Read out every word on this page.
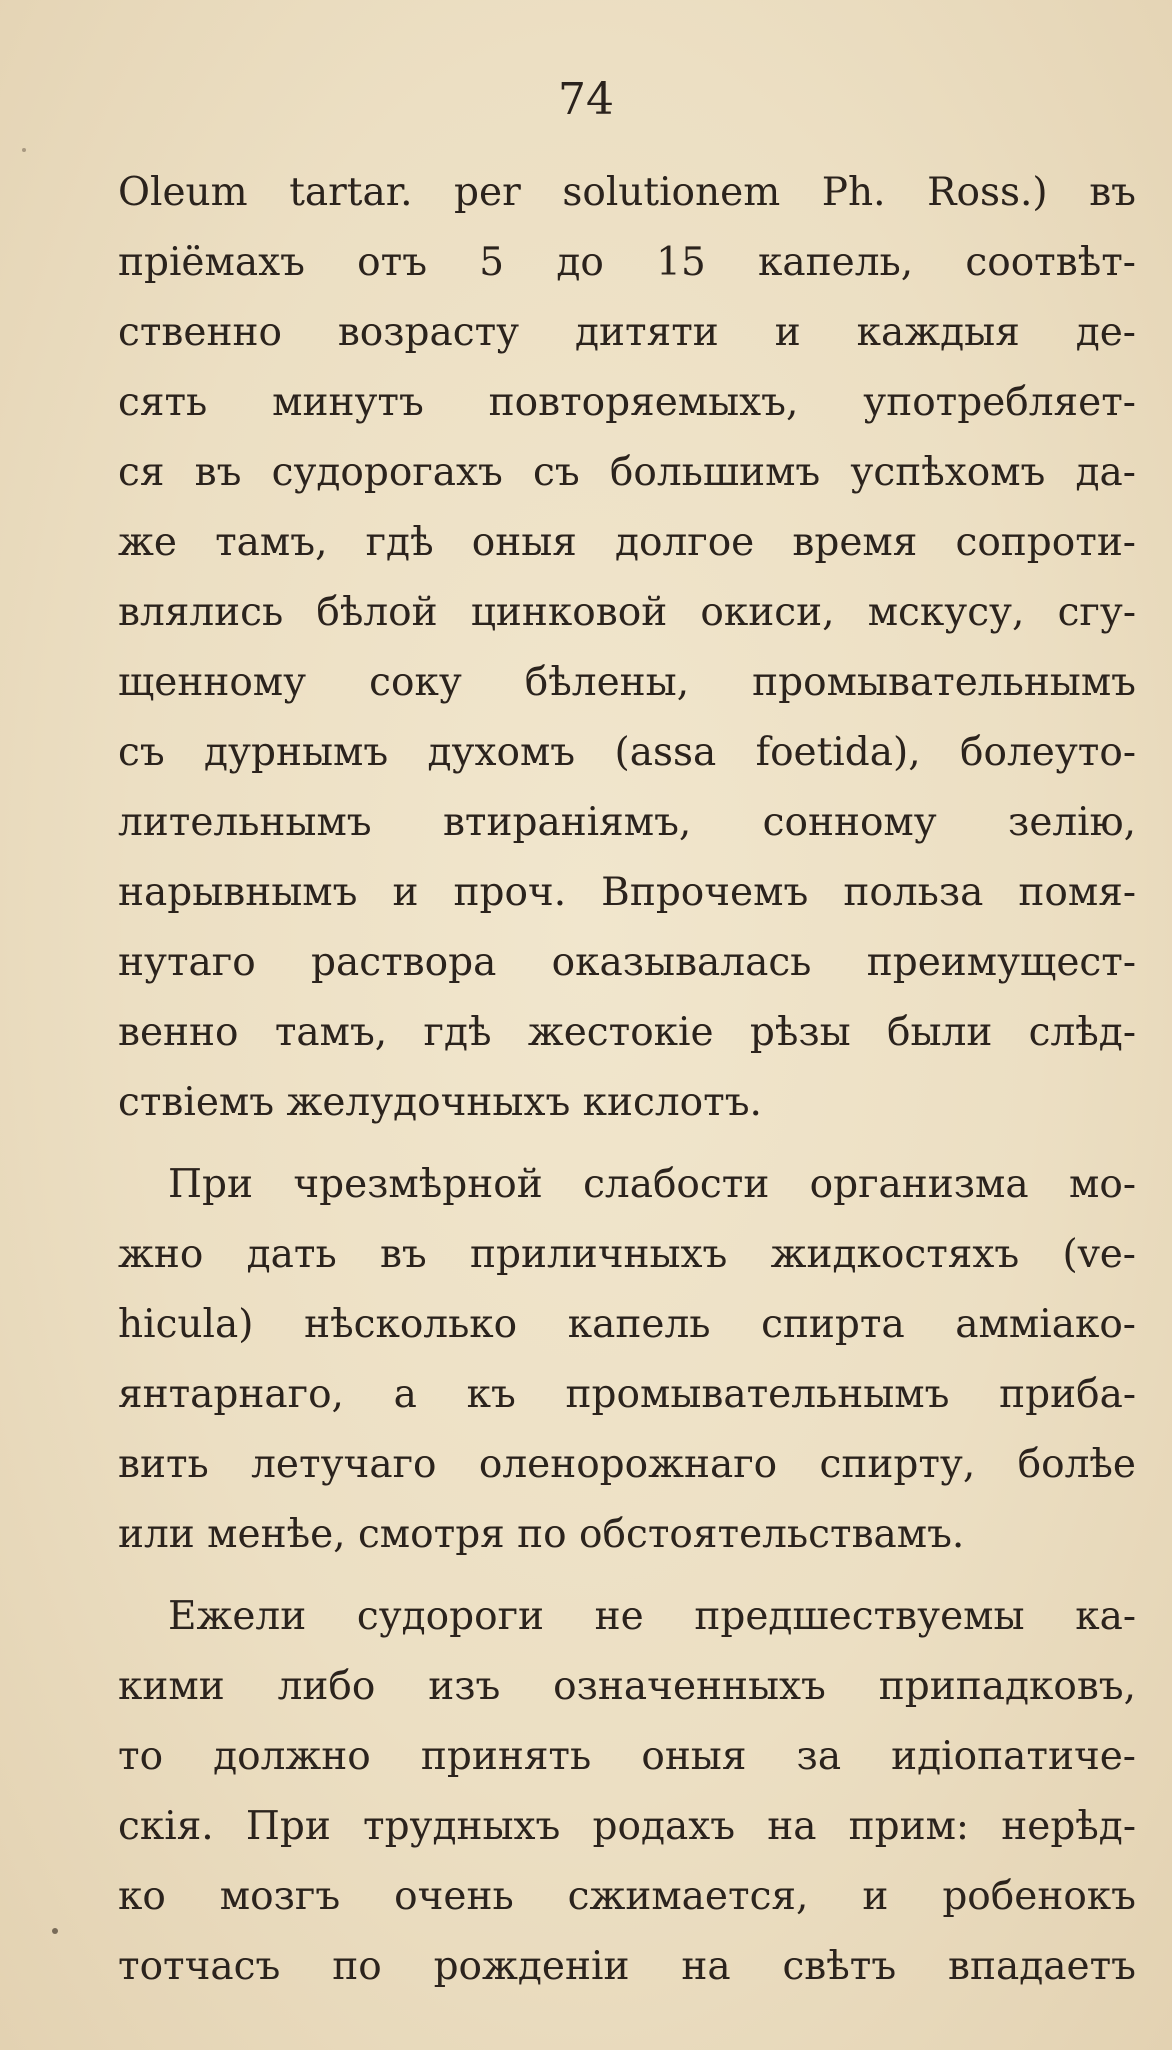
74
Oleum tartar. per solutionem Ph. Ross.) въ
пріёмахъ отъ 5 до 15 капель, соотвѣт-
ственно возрасту дитяти и каждыя де-
сять минутъ повторяемыхъ, употребляет-
ся въ судорогахъ съ большимъ успѣхомъ да-
же тамъ, гдѣ оныя долгое время сопроти-
влялись бѣлой цинковой окиси, мскусу, сгу-
щенному соку бѣлены, промывательнымъ
съ дурнымъ духомъ (assa foetida), болеуто-
лительнымъ втираніямъ, сонному зелію,
нарывнымъ и проч. Впрочемъ польза помя-
нутаго раствора оказывалась преимущест-
венно тамъ, гдѣ жестокіе рѣзы были слѣд-
ствіемъ желудочныхъ кислотъ.
При чрезмѣрной слабости организма мо-
жно дать въ приличныхъ жидкостяхъ (ve-
hicula) нѣсколько капель спирта амміако-
янтарнаго, а къ промывательнымъ приба-
вить летучаго оленорожнаго спирту, болѣе
или менѣе, смотря по обстоятельствамъ.
Ежели судороги не предшествуемы ка-
кими либо изъ означенныхъ припадковъ,
то должно принять оныя за идіопатиче-
скія. При трудныхъ родахъ на прим: нерѣд-
ко мозгъ очень сжимается, и робенокъ
тотчасъ по рожденіи на свѣтъ впадаетъ
